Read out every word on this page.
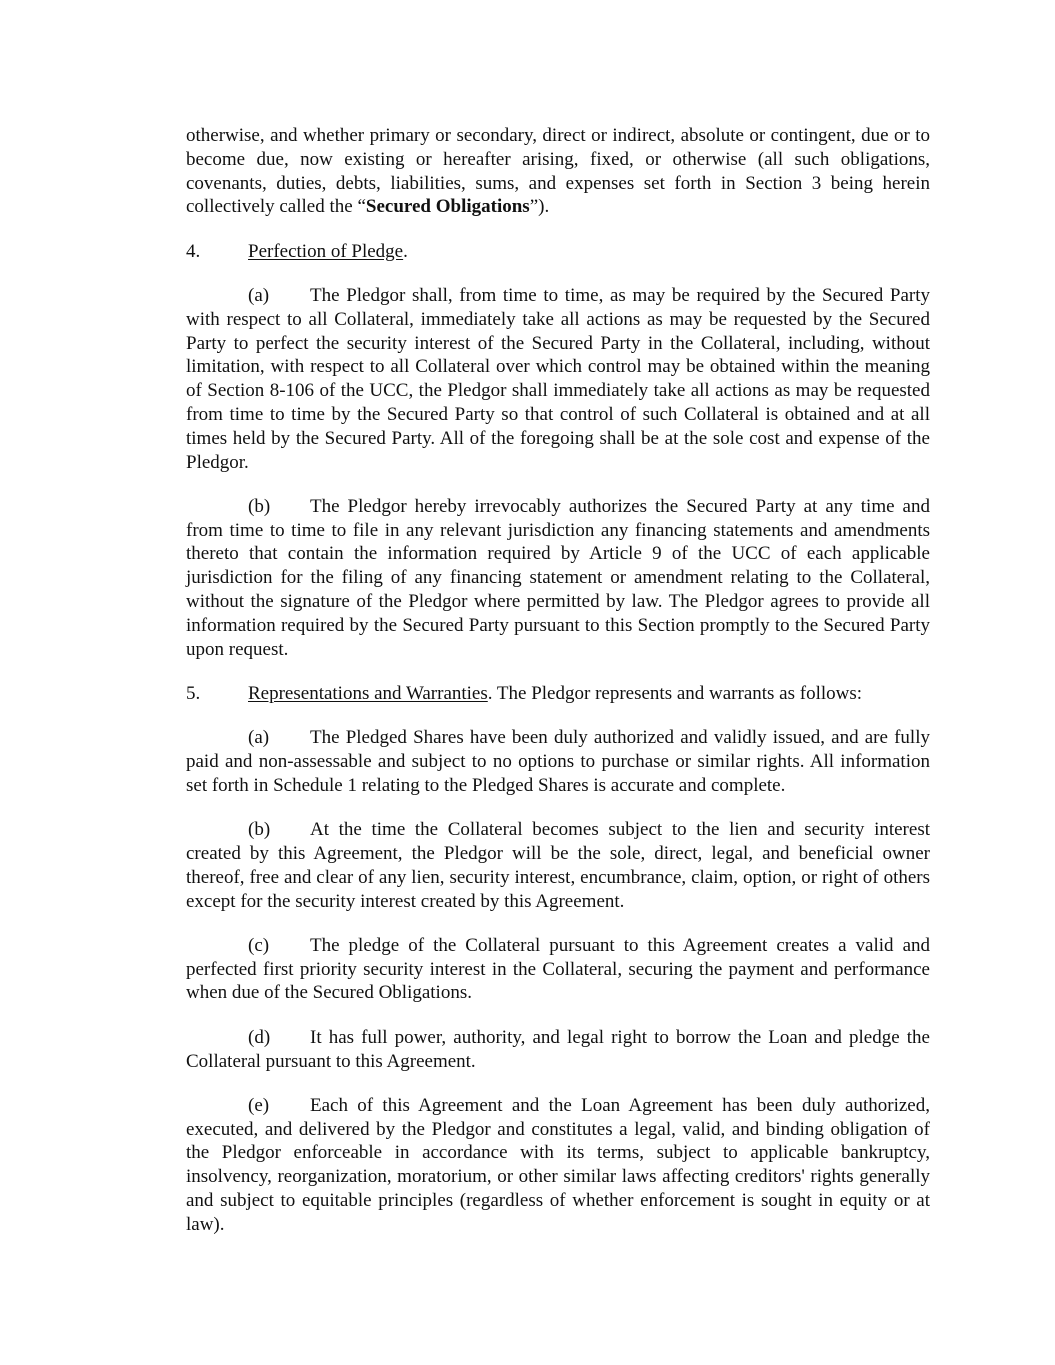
otherwise, and whether primary or secondary, direct or indirect, absolute or contingent, due or to become due, now existing or hereafter arising, fixed, or otherwise (all such obligations, covenants, duties, debts, liabilities, sums, and expenses set forth in Section 3 being herein collectively called the “Secured Obligations”).

4.	Perfection of Pledge.

(a) The Pledgor shall, from time to time, as may be required by the Secured Party with respect to all Collateral, immediately take all actions as may be requested by the Secured Party to perfect the security interest of the Secured Party in the Collateral, including, without limitation, with respect to all Collateral over which control may be obtained within the meaning of Section 8-106 of the UCC, the Pledgor shall immediately take all actions as may be requested from time to time by the Secured Party so that control of such Collateral is obtained and at all times held by the Secured Party. All of the foregoing shall be at the sole cost and expense of the Pledgor.

(b) The Pledgor hereby irrevocably authorizes the Secured Party at any time and from time to time to file in any relevant jurisdiction any financing statements and amendments thereto that contain the information required by Article 9 of the UCC of each applicable jurisdiction for the filing of any financing statement or amendment relating to the Collateral, without the signature of the Pledgor where permitted by law. The Pledgor agrees to provide all information required by the Secured Party pursuant to this Section promptly to the Secured Party upon request.

5.	Representations and Warranties. The Pledgor represents and warrants as follows:

(a) The Pledged Shares have been duly authorized and validly issued, and are fully paid and non-assessable and subject to no options to purchase or similar rights. All information set forth in Schedule 1 relating to the Pledged Shares is accurate and complete.

(b) At the time the Collateral becomes subject to the lien and security interest created by this Agreement, the Pledgor will be the sole, direct, legal, and beneficial owner thereof, free and clear of any lien, security interest, encumbrance, claim, option, or right of others except for the security interest created by this Agreement.

(c) The pledge of the Collateral pursuant to this Agreement creates a valid and perfected first priority security interest in the Collateral, securing the payment and performance when due of the Secured Obligations.

(d) It has full power, authority, and legal right to borrow the Loan and pledge the Collateral pursuant to this Agreement.

(e) Each of this Agreement and the Loan Agreement has been duly authorized, executed, and delivered by the Pledgor and constitutes a legal, valid, and binding obligation of the Pledgor enforceable in accordance with its terms, subject to applicable bankruptcy, insolvency, reorganization, moratorium, or other similar laws affecting creditors' rights generally and subject to equitable principles (regardless of whether enforcement is sought in equity or at law).
